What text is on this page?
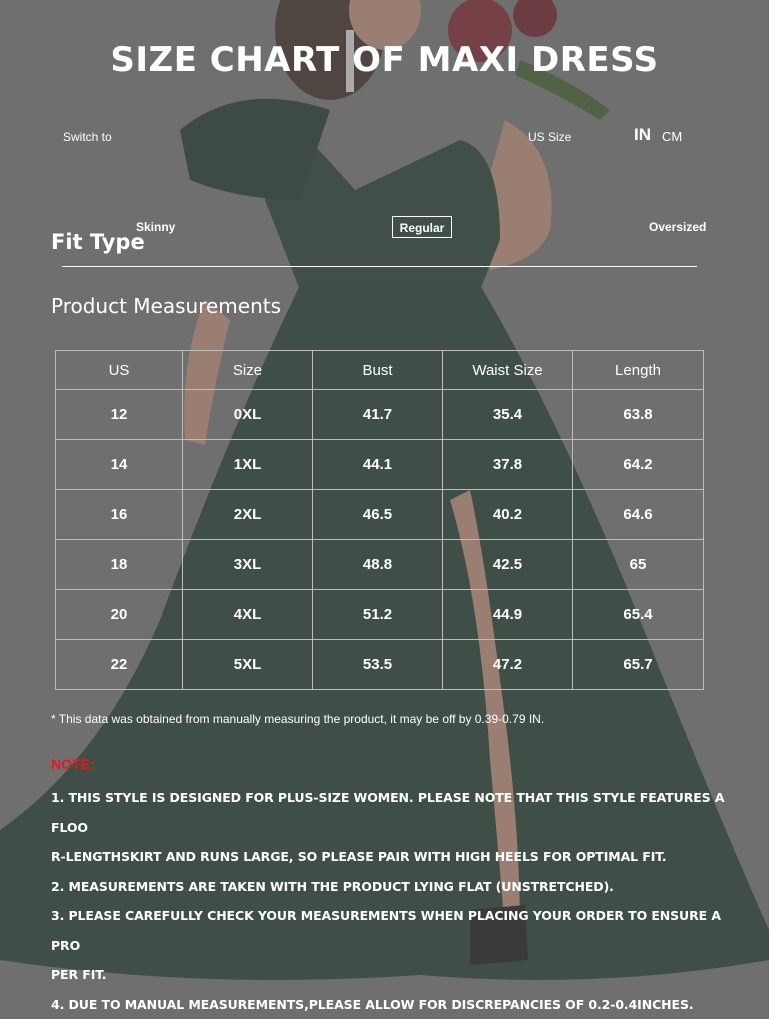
SIZE CHART OF MAXI DRESS
Switch to	US Size	IN CM
Skinny
Fit Type
Regular	Oversized
Product Measurements
US	Size	Bust	Waist Size	Length
12	0XL	41.7	35.4	63.8
14	1XL	44.1	37.8	64.2
16	2XL	46.5	40.2	64.6
18	3XL	48.8	42.5	65
20	4XL	51.2	44.9	65.4
22	5XL	53.5	47.2	65.7
* This data was obtained from manually measuring the product, it may be off by 0.39-0.79 IN.
NOTE:

1. THIS STYLE IS DESIGNED FOR PLUS-SIZE WOMEN. PLEASE NOTE THAT THIS STYLE FEATURES A FLOO

R-LENGTHSKIRT AND RUNS LARGE, SO PLEASE PAIR WITH HIGH HEELS FOR OPTIMAL FIT.

2. MEASUREMENTS ARE TAKEN WITH THE PRODUCT LYING FLAT (UNSTRETCHED).

3. PLEASE CAREFULLY CHECK YOUR MEASUREMENTS WHEN PLACING YOUR ORDER TO ENSURE A PRO

PER FIT.

4. DUE TO MANUAL MEASUREMENTS,PLEASE ALLOW FOR DISCREPANCIES OF 0.2-0.4INCHES.
